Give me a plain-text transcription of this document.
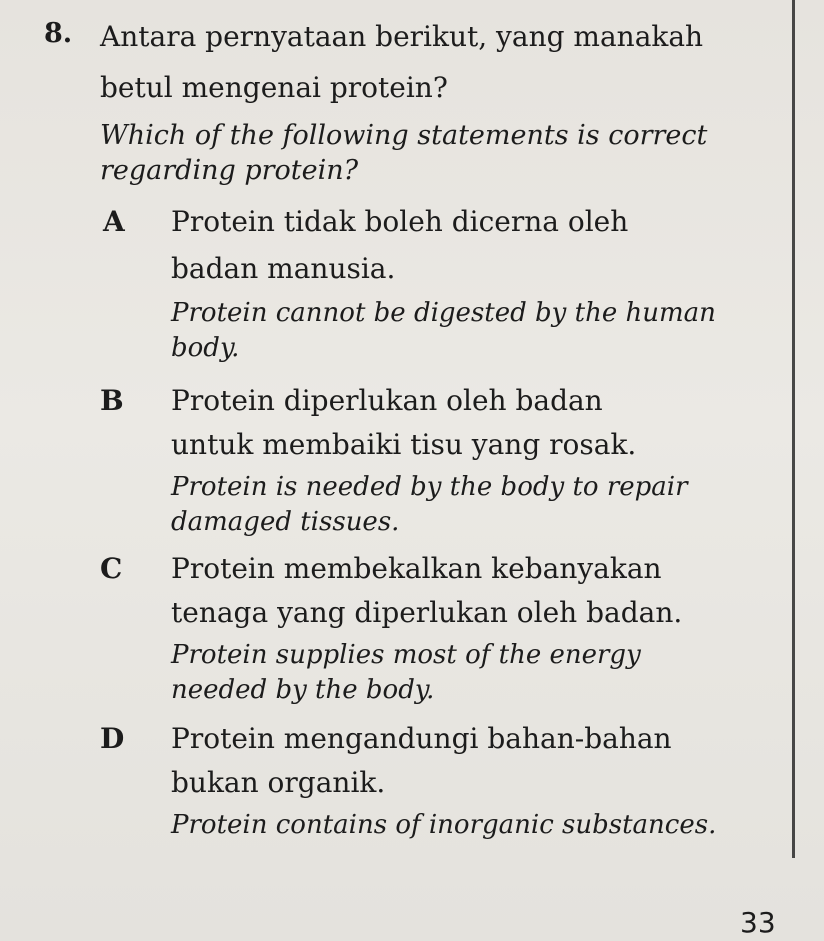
8. Antara pernyataan berikut, yang manakah
betul mengenai protein?
Which of the following statements is correct
regarding protein?
A Protein tidak boleh dicerna oleh
badan manusia.
Protein cannot be digested by the human
body.
B Protein diperlukan oleh badan
untuk membaiki tisu yang rosak.
Protein is needed by the body to repair
damaged tissues.
C Protein membekalkan kebanyakan
tenaga yang diperlukan oleh badan.
Protein supplies most of the energy
needed by the body.
D Protein mengandungi bahan-bahan
bukan organik.
Protein contains of inorganic substances.
33
